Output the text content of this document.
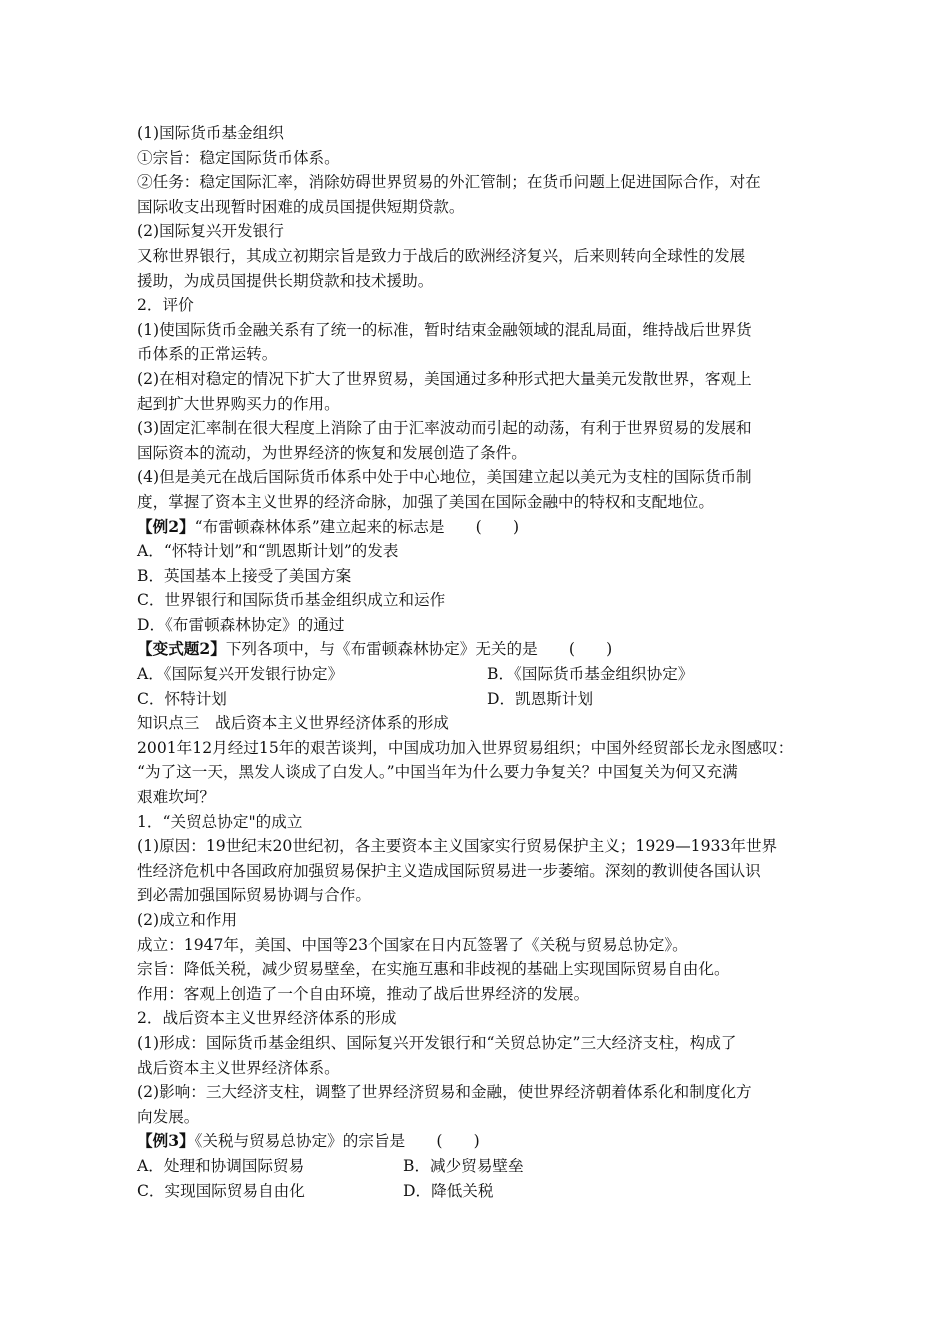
(1)国际货币基金组织
①宗旨：稳定国际货币体系。
②任务：稳定国际汇率，消除妨碍世界贸易的外汇管制；在货币问题上促进国际合作，对在
国际收支出现暂时困难的成员国提供短期贷款。
(2)国际复兴开发银行
又称世界银行，其成立初期宗旨是致力于战后的欧洲经济复兴，后来则转向全球性的发展
援助，为成员国提供长期贷款和技术援助。
2．评价
(1)使国际货币金融关系有了统一的标准，暂时结束金融领域的混乱局面，维持战后世界货
币体系的正常运转。
(2)在相对稳定的情况下扩大了世界贸易，美国通过多种形式把大量美元发散世界，客观上
起到扩大世界购买力的作用。
(3)固定汇率制在很大程度上消除了由于汇率波动而引起的动荡，有利于世界贸易的发展和
国际资本的流动，为世界经济的恢复和发展创造了条件。
(4)但是美元在战后国际货币体系中处于中心地位，美国建立起以美元为支柱的国际货币制
度，掌握了资本主义世界的经济命脉，加强了美国在国际金融中的特权和支配地位。
【例2】“布雷顿森林体系”建立起来的标志是　　(　　)
A．“怀特计划”和“凯恩斯计划”的发表
B．英国基本上接受了美国方案
C．世界银行和国际货币基金组织成立和运作
D．《布雷顿森林协定》的通过
【变式题2】下列各项中，与《布雷顿森林协定》无关的是　　(　　)
A．《国际复兴开发银行协定》	B．《国际货币基金组织协定》
C．怀特计划	D．凯恩斯计划
知识点三　战后资本主义世界经济体系的形成
2001年12月经过15年的艰苦谈判，中国成功加入世界贸易组织；中国外经贸部长龙永图感叹：
“为了这一天，黑发人谈成了白发人。”中国当年为什么要力争复关？中国复关为何又充满
艰难坎坷？
1．“关贸总协定"的成立
(1)原因：19世纪末20世纪初，各主要资本主义国家实行贸易保护主义；1929—1933年世界
性经济危机中各国政府加强贸易保护主义造成国际贸易进一步萎缩。深刻的教训使各国认识
到必需加强国际贸易协调与合作。
(2)成立和作用
成立：1947年，美国、中国等23个国家在日内瓦签署了《关税与贸易总协定》。
宗旨：降低关税，减少贸易壁垒，在实施互惠和非歧视的基础上实现国际贸易自由化。
作用：客观上创造了一个自由环境，推动了战后世界经济的发展。
2．战后资本主义世界经济体系的形成
(1)形成：国际货币基金组织、国际复兴开发银行和“关贸总协定”三大经济支柱，构成了
战后资本主义世界经济体系。
(2)影响：三大经济支柱，调整了世界经济贸易和金融，使世界经济朝着体系化和制度化方
向发展。
【例3】《关税与贸易总协定》的宗旨是　　(　　)
A．处理和协调国际贸易	B．减少贸易壁垒
C．实现国际贸易自由化	D．降低关税
